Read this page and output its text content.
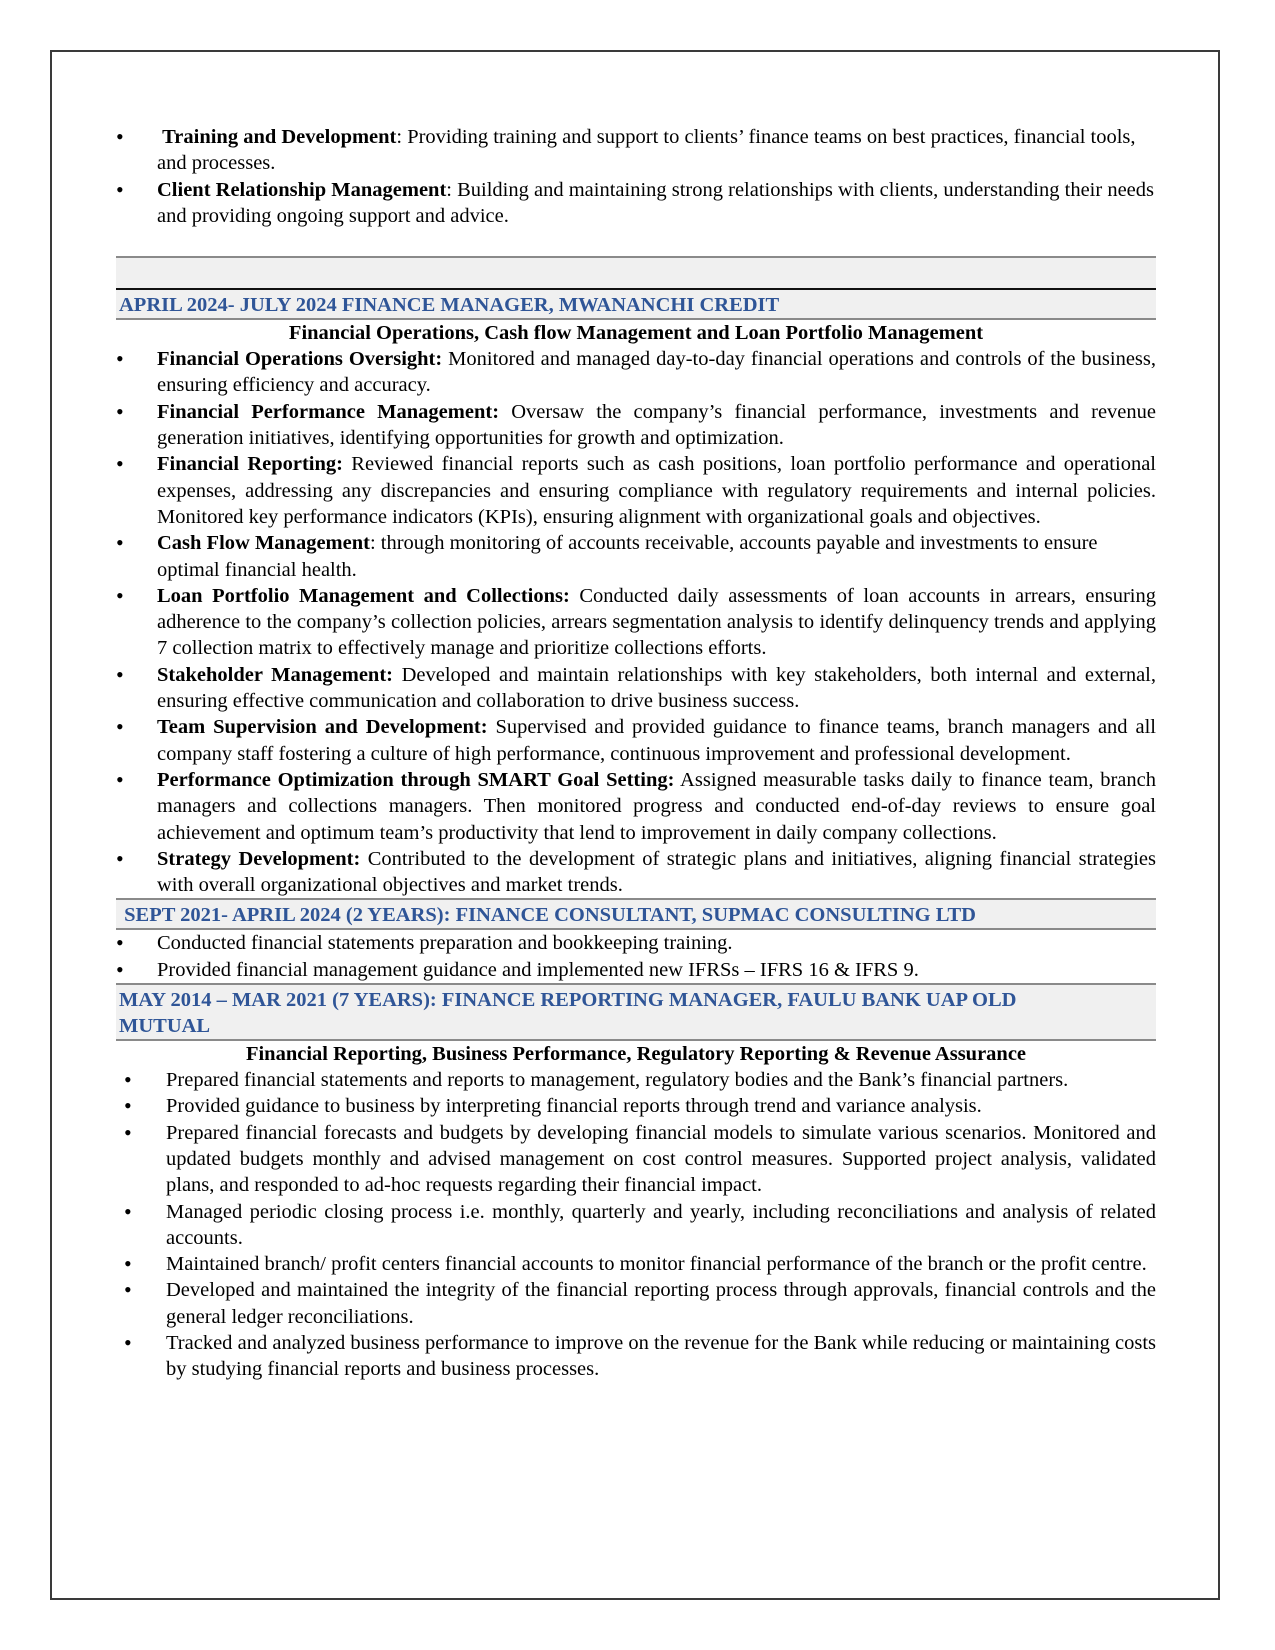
• Training and Development: Providing training and support to clients’ finance teams on best practices, financial tools, and processes.
• Client Relationship Management: Building and maintaining strong relationships with clients, understanding their needs and providing ongoing support and advice.
APRIL 2024- JULY 2024 FINANCE MANAGER, MWANANCHI CREDIT
Financial Operations, Cash flow Management and Loan Portfolio Management
• Financial Operations Oversight: Monitored and managed day-to-day financial operations and controls of the business, ensuring efficiency and accuracy.
• Financial Performance Management: Oversaw the company’s financial performance, investments and revenue generation initiatives, identifying opportunities for growth and optimization.
• Financial Reporting: Reviewed financial reports such as cash positions, loan portfolio performance and operational expenses, addressing any discrepancies and ensuring compliance with regulatory requirements and internal policies. Monitored key performance indicators (KPIs), ensuring alignment with organizational goals and objectives.
• Cash Flow Management: through monitoring of accounts receivable, accounts payable and investments to ensure optimal financial health.
• Loan Portfolio Management and Collections: Conducted daily assessments of loan accounts in arrears, ensuring adherence to the company’s collection policies, arrears segmentation analysis to identify delinquency trends and applying 7 collection matrix to effectively manage and prioritize collections efforts.
• Stakeholder Management: Developed and maintain relationships with key stakeholders, both internal and external, ensuring effective communication and collaboration to drive business success.
• Team Supervision and Development: Supervised and provided guidance to finance teams, branch managers and all company staff fostering a culture of high performance, continuous improvement and professional development.
• Performance Optimization through SMART Goal Setting: Assigned measurable tasks daily to finance team, branch managers and collections managers. Then monitored progress and conducted end-of-day reviews to ensure goal achievement and optimum team’s productivity that lend to improvement in daily company collections.
• Strategy Development: Contributed to the development of strategic plans and initiatives, aligning financial strategies with overall organizational objectives and market trends.
SEPT 2021- APRIL 2024 (2 YEARS): FINANCE CONSULTANT, SUPMAC CONSULTING LTD
• Conducted financial statements preparation and bookkeeping training.
• Provided financial management guidance and implemented new IFRSs – IFRS 16 & IFRS 9.
MAY 2014 – MAR 2021 (7 YEARS): FINANCE REPORTING MANAGER, FAULU BANK UAP OLD MUTUAL
Financial Reporting, Business Performance, Regulatory Reporting & Revenue Assurance
• Prepared financial statements and reports to management, regulatory bodies and the Bank’s financial partners.
• Provided guidance to business by interpreting financial reports through trend and variance analysis.
• Prepared financial forecasts and budgets by developing financial models to simulate various scenarios. Monitored and updated budgets monthly and advised management on cost control measures. Supported project analysis, validated plans, and responded to ad-hoc requests regarding their financial impact.
• Managed periodic closing process i.e. monthly, quarterly and yearly, including reconciliations and analysis of related accounts.
• Maintained branch/ profit centers financial accounts to monitor financial performance of the branch or the profit centre.
• Developed and maintained the integrity of the financial reporting process through approvals, financial controls and the general ledger reconciliations.
• Tracked and analyzed business performance to improve on the revenue for the Bank while reducing or maintaining costs by studying financial reports and business processes.
